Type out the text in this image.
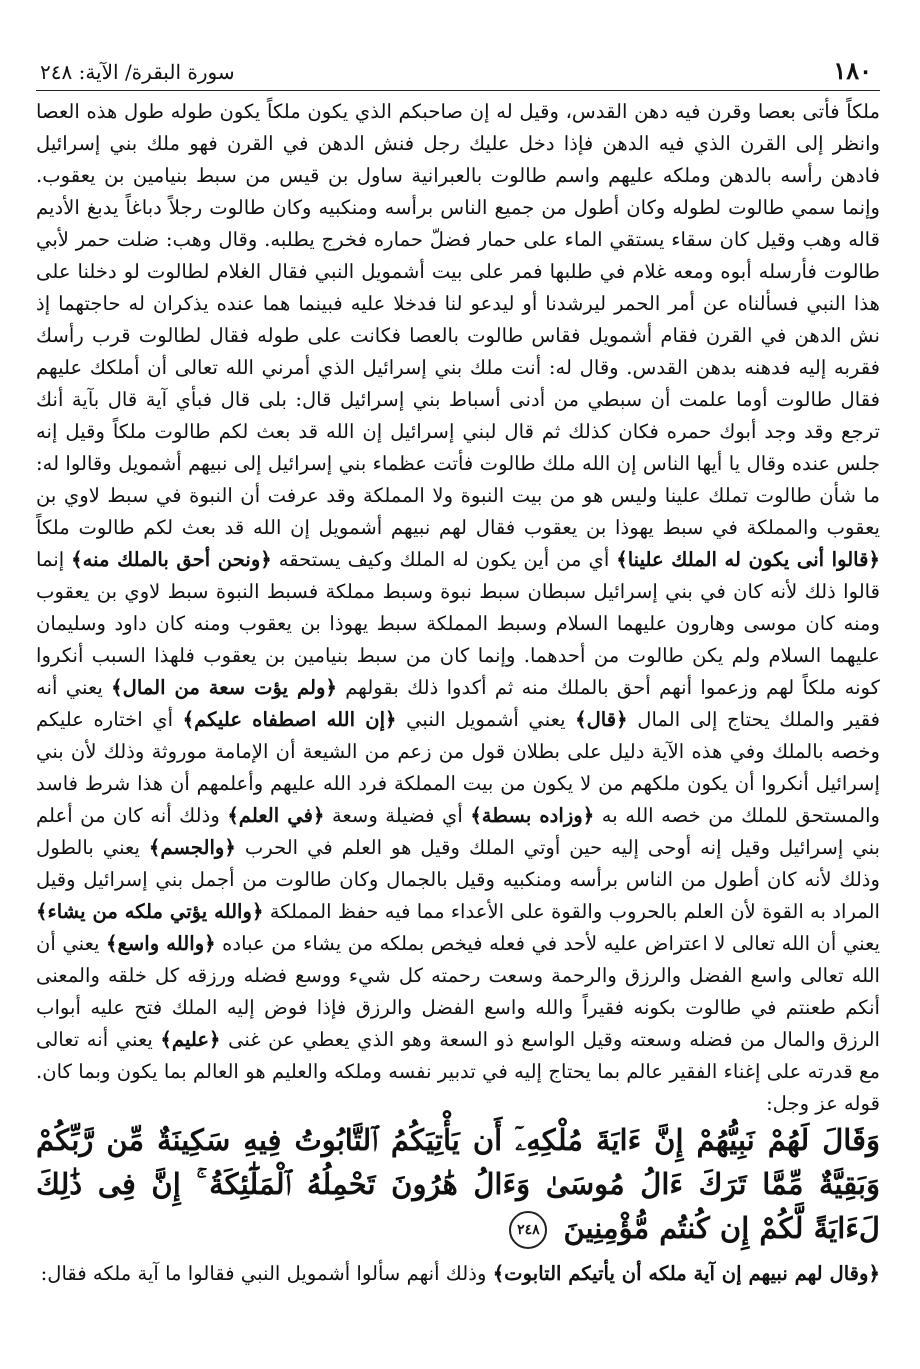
١٨٠
سورة البقرة/ الآية: ٢٤٨

ملكاً فأتى بعصا وقرن فيه دهن القدس، وقيل له إن صاحبكم الذي يكون ملكاً يكون طوله طول هذه العصا وانظر إلى القرن الذي فيه الدهن فإذا دخل عليك رجل فنش الدهن في القرن فهو ملك بني إسرائيل فادهن رأسه بالدهن وملكه عليهم واسم طالوت بالعبرانية ساول بن قيس من سبط بنيامين بن يعقوب. وإنما سمي طالوت لطوله وكان أطول من جميع الناس برأسه ومنكبيه وكان طالوت رجلاً دباغاً يدبغ الأديم قاله وهب وقيل كان سقاء يستقي الماء على حمار فضلّ حماره فخرج يطلبه. وقال وهب: ضلت حمر لأبي طالوت فأرسله أبوه ومعه غلام في طلبها فمر على بيت أشمويل النبي فقال الغلام لطالوت لو دخلنا على هذا النبي فسألناه عن أمر الحمر ليرشدنا أو ليدعو لنا فدخلا عليه فبينما هما عنده يذكران له حاجتهما إذ نش الدهن في القرن فقام أشمويل فقاس طالوت بالعصا فكانت على طوله فقال لطالوت قرب رأسك فقربه إليه فدهنه بدهن القدس. وقال له: أنت ملك بني إسرائيل الذي أمرني الله تعالى أن أملكك عليهم فقال طالوت أوما علمت أن سبطي من أدنى أسباط بني إسرائيل قال: بلى قال فبأي آية قال بآية أنك ترجع وقد وجد أبوك حمره فكان كذلك ثم قال لبني إسرائيل إن الله قد بعث لكم طالوت ملكاً وقيل إنه جلس عنده وقال يا أيها الناس إن الله ملك طالوت فأتت عظماء بني إسرائيل إلى نبيهم أشمويل وقالوا له: ما شأن طالوت تملك علينا وليس هو من بيت النبوة ولا المملكة وقد عرفت أن النبوة في سبط لاوي بن يعقوب والمملكة في سبط يهوذا بن يعقوب فقال لهم نبيهم أشمويل إن الله قد بعث لكم طالوت ملكاً ﴿قالوا أنى يكون له الملك علينا﴾ أي من أين يكون له الملك وكيف يستحقه ﴿ونحن أحق بالملك منه﴾ إنما قالوا ذلك لأنه كان في بني إسرائيل سبطان سبط نبوة وسبط مملكة فسبط النبوة سبط لاوي بن يعقوب ومنه كان موسى وهارون عليهما السلام وسبط المملكة سبط يهوذا بن يعقوب ومنه كان داود وسليمان عليهما السلام ولم يكن طالوت من أحدهما. وإنما كان من سبط بنيامين بن يعقوب فلهذا السبب أنكروا كونه ملكاً لهم وزعموا أنهم أحق بالملك منه ثم أكدوا ذلك بقولهم ﴿ولم يؤت سعة من المال﴾ يعني أنه فقير والملك يحتاج إلى المال ﴿قال﴾ يعني أشمويل النبي ﴿إن الله اصطفاه عليكم﴾ أي اختاره عليكم وخصه بالملك وفي هذه الآية دليل على بطلان قول من زعم من الشيعة أن الإمامة موروثة وذلك لأن بني إسرائيل أنكروا أن يكون ملكهم من لا يكون من بيت المملكة فرد الله عليهم وأعلمهم أن هذا شرط فاسد والمستحق للملك من خصه الله به ﴿وزاده بسطة﴾ أي فضيلة وسعة ﴿في العلم﴾ وذلك أنه كان من أعلم بني إسرائيل وقيل إنه أوحى إليه حين أوتي الملك وقيل هو العلم في الحرب ﴿والجسم﴾ يعني بالطول وذلك لأنه كان أطول من الناس برأسه ومنكبيه وقيل بالجمال وكان طالوت من أجمل بني إسرائيل وقيل المراد به القوة لأن العلم بالحروب والقوة على الأعداء مما فيه حفظ المملكة ﴿والله يؤتي ملكه من يشاء﴾ يعني أن الله تعالى لا اعتراض عليه لأحد في فعله فيخص بملكه من يشاء من عباده ﴿والله واسع﴾ يعني أن الله تعالى واسع الفضل والرزق والرحمة وسعت رحمته كل شيء ووسع فضله ورزقه كل خلقه والمعنى أنكم طعنتم في طالوت بكونه فقيراً والله واسع الفضل والرزق فإذا فوض إليه الملك فتح عليه أبواب الرزق والمال من فضله وسعته وقيل الواسع ذو السعة وهو الذي يعطي عن غنى ﴿عليم﴾ يعني أنه تعالى مع قدرته على إغناء الفقير عالم بما يحتاج إليه في تدبير نفسه وملكه والعليم هو العالم بما يكون وبما كان. قوله عز وجل:

وَقَالَ لَهُمْ نَبِيُّهُمْ إِنَّ ءَايَةَ مُلْكِهِۦٓ أَن يَأْتِيَكُمُ ٱلتَّابُوتُ فِيهِ سَكِينَةٌ مِّن رَّبِّكُمْ وَبَقِيَّةٌ مِّمَّا تَرَكَ ءَالُ مُوسَىٰ وَءَالُ هَٰرُونَ تَحْمِلُهُ ٱلْمَلَٰٓئِكَةُ ۚ إِنَّ فِى ذَٰلِكَ لَءَايَةً لَّكُمْ إِن كُنتُم مُّؤْمِنِينَ ٢٤٨
﴿وقال لهم نبيهم إن آية ملكه أن يأتيكم التابوت﴾ وذلك أنهم سألوا أشمويل النبي فقالوا ما آية ملكه فقال:
